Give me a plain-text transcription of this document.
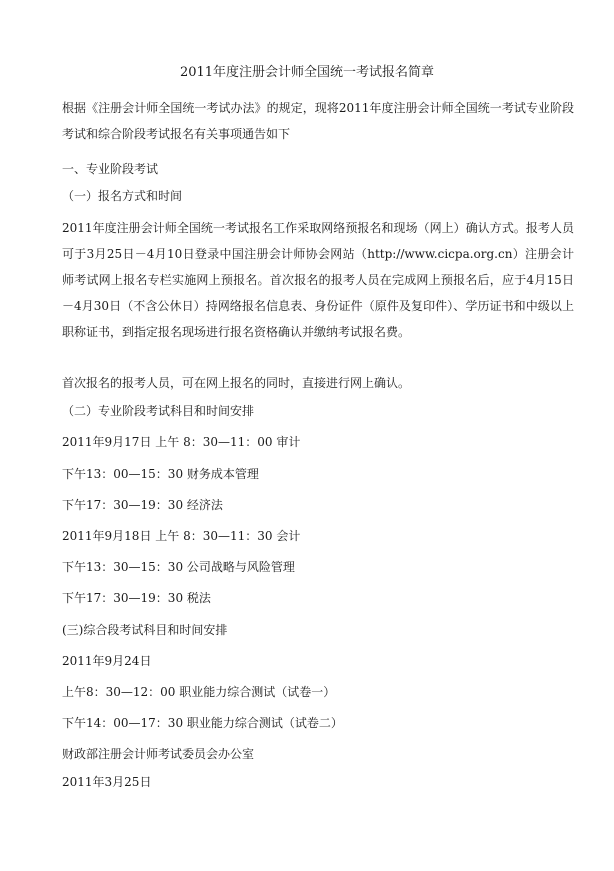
2011年度注册会计师全国统一考试报名简章
根据《注册会计师全国统一考试办法》的规定，现将2011年度注册会计师全国统一考试专业阶段考试和综合阶段考试报名有关事项通告如下
一、专业阶段考试
（一）报名方式和时间
2011年度注册会计师全国统一考试报名工作采取网络预报名和现场（网上）确认方式。报考人员可于3月25日－4月10日登录中国注册会计师协会网站（http://www.cicpa.org.cn）注册会计师考试网上报名专栏实施网上预报名。首次报名的报考人员在完成网上预报名后，应于4月15日－4月30日（不含公休日）持网络报名信息表、身份证件（原件及复印件）、学历证书和中级以上职称证书，到指定报名现场进行报名资格确认并缴纳考试报名费。
首次报名的报考人员，可在网上报名的同时，直接进行网上确认。
（二）专业阶段考试科目和时间安排
2011年9月17日 上午 8：30—11：00 审计
下午13：00—15：30 财务成本管理
下午17：30—19：30 经济法
2011年9月18日 上午 8：30—11：30 会计
下午13：30—15：30 公司战略与风险管理
下午17：30—19：30 税法
(三)综合段考试科目和时间安排
2011年9月24日
上午8：30—12：00 职业能力综合测试（试卷一）
下午14：00—17：30 职业能力综合测试（试卷二）
财政部注册会计师考试委员会办公室
2011年3月25日
